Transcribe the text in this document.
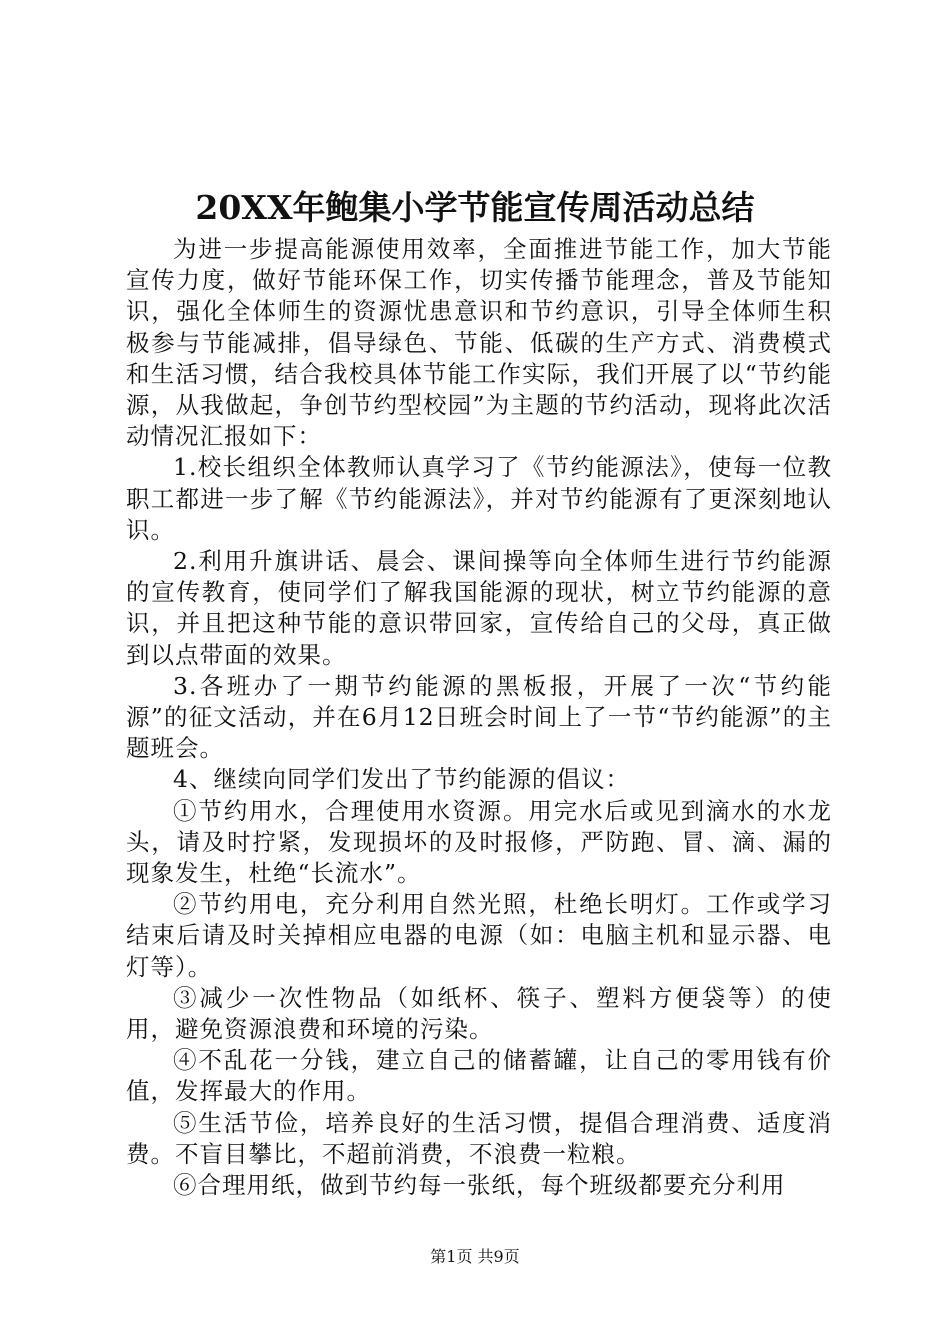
20XX年鲍集小学节能宣传周活动总结

为进一步提高能源使用效率，全面推进节能工作，加大节能宣传力度，做好节能环保工作，切实传播节能理念，普及节能知识，强化全体师生的资源忧患意识和节约意识，引导全体师生积极参与节能减排，倡导绿色、节能、低碳的生产方式、消费模式和生活习惯，结合我校具体节能工作实际，我们开展了以“节约能源，从我做起，争创节约型校园”为主题的节约活动，现将此次活动情况汇报如下：

1.校长组织全体教师认真学习了《节约能源法》，使每一位教职工都进一步了解《节约能源法》，并对节约能源有了更深刻地认识。

2.利用升旗讲话、晨会、课间操等向全体师生进行节约能源的宣传教育，使同学们了解我国能源的现状，树立节约能源的意识，并且把这种节能的意识带回家，宣传给自己的父母，真正做到以点带面的效果。

3.各班办了一期节约能源的黑板报，开展了一次“节约能源”的征文活动，并在6月12日班会时间上了一节“节约能源”的主题班会。

4、继续向同学们发出了节约能源的倡议：

①节约用水，合理使用水资源。用完水后或见到滴水的水龙头，请及时拧紧，发现损坏的及时报修，严防跑、冒、滴、漏的现象发生，杜绝“长流水”。

②节约用电，充分利用自然光照，杜绝长明灯。工作或学习结束后请及时关掉相应电器的电源（如：电脑主机和显示器、电灯等）。

③减少一次性物品（如纸杯、筷子、塑料方便袋等）的使用，避免资源浪费和环境的污染。

④不乱花一分钱，建立自己的储蓄罐，让自己的零用钱有价值，发挥最大的作用。

⑤生活节俭，培养良好的生活习惯，提倡合理消费、适度消费。不盲目攀比，不超前消费，不浪费一粒粮。

⑥合理用纸，做到节约每一张纸，每个班级都要充分利用

第1页 共9页
